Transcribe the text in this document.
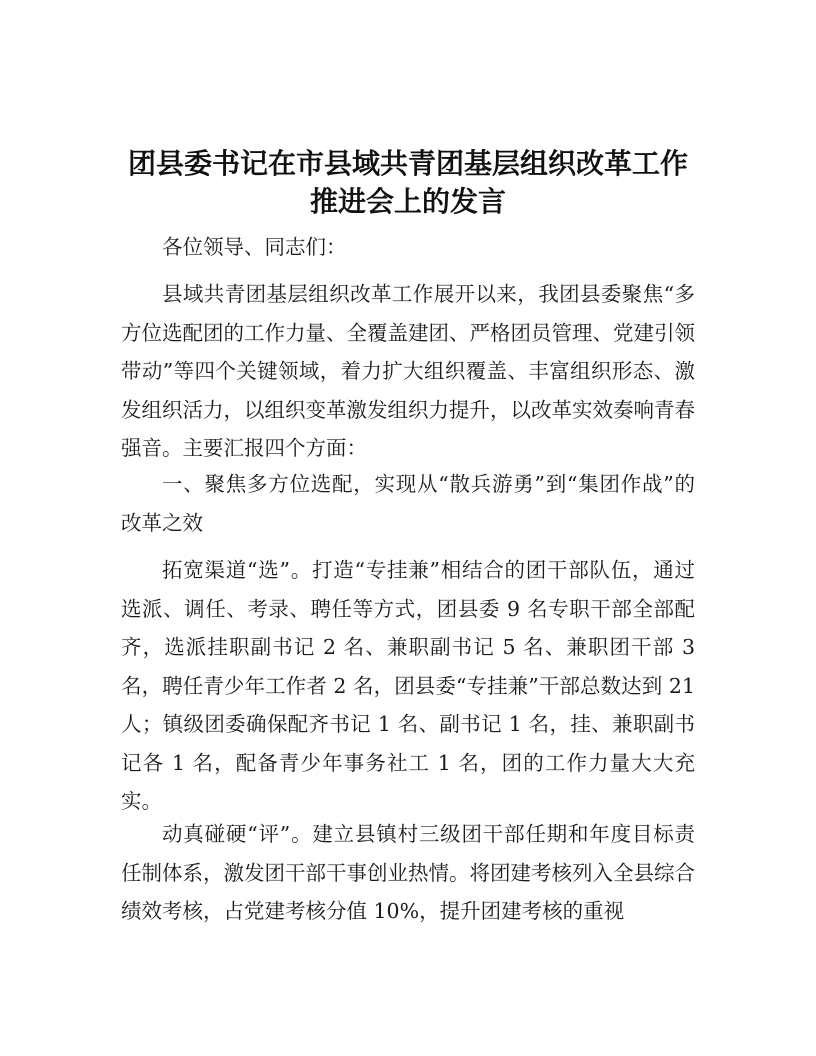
团县委书记在市县域共青团基层组织改革工作
推进会上的发言

各位领导、同志们：

县域共青团基层组织改革工作展开以来，我团县委聚焦“多方位选配团的工作力量、全覆盖建团、严格团员管理、党建引领带动”等四个关键领域，着力扩大组织覆盖、丰富组织形态、激发组织活力，以组织变革激发组织力提升，以改革实效奏响青春强音。主要汇报四个方面：

一、聚焦多方位选配，实现从“散兵游勇”到“集团作战”的改革之效

拓宽渠道“选”。打造“专挂兼”相结合的团干部队伍，通过选派、调任、考录、聘任等方式，团县委 9 名专职干部全部配齐，选派挂职副书记 2 名、兼职副书记 5 名、兼职团干部 3 名，聘任青少年工作者 2 名，团县委“专挂兼”干部总数达到 21 人；镇级团委确保配齐书记 1 名、副书记 1 名，挂、兼职副书记各 1 名，配备青少年事务社工 1 名，团的工作力量大大充实。

动真碰硬“评”。建立县镇村三级团干部任期和年度目标责任制体系，激发团干部干事创业热情。将团建考核列入全县综合绩效考核，占党建考核分值 10%，提升团建考核的重视
